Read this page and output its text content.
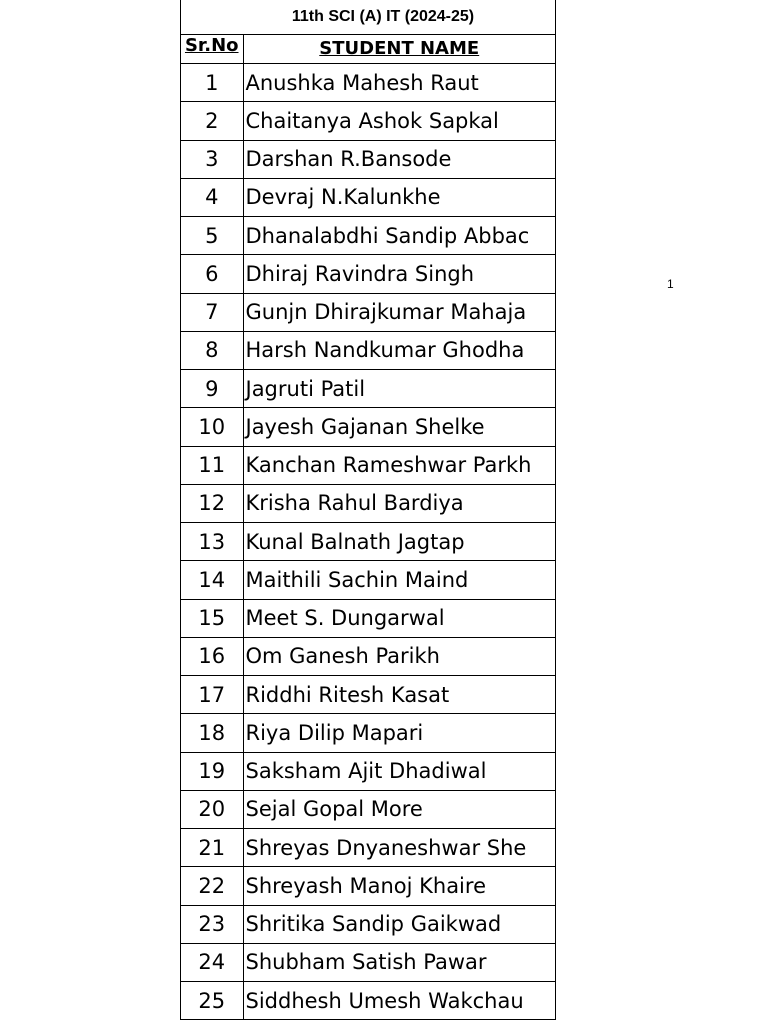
11th SCI (A) IT (2024-25)
Sr.No	STUDENT NAME
1	Anushka Mahesh Raut
2	Chaitanya Ashok Sapkal
3	Darshan R.Bansode
4	Devraj N.Kalunkhe
5	Dhanalabdhi Sandip Abbac
6	Dhiraj Ravindra Singh
7	Gunjn Dhirajkumar Mahaja
8	Harsh Nandkumar Ghodha
9	Jagruti Patil
10	Jayesh Gajanan Shelke
11	Kanchan Rameshwar Parkh
12	Krisha Rahul Bardiya
13	Kunal Balnath Jagtap
14	Maithili Sachin Maind
15	Meet S. Dungarwal
16	Om Ganesh Parikh
17	Riddhi Ritesh Kasat
18	Riya Dilip Mapari
19	Saksham Ajit Dhadiwal
20	Sejal Gopal More
21	Shreyas Dnyaneshwar She
22	Shreyash Manoj Khaire
23	Shritika Sandip Gaikwad
24	Shubham Satish Pawar
25	Siddhesh Umesh Wakchau
1
